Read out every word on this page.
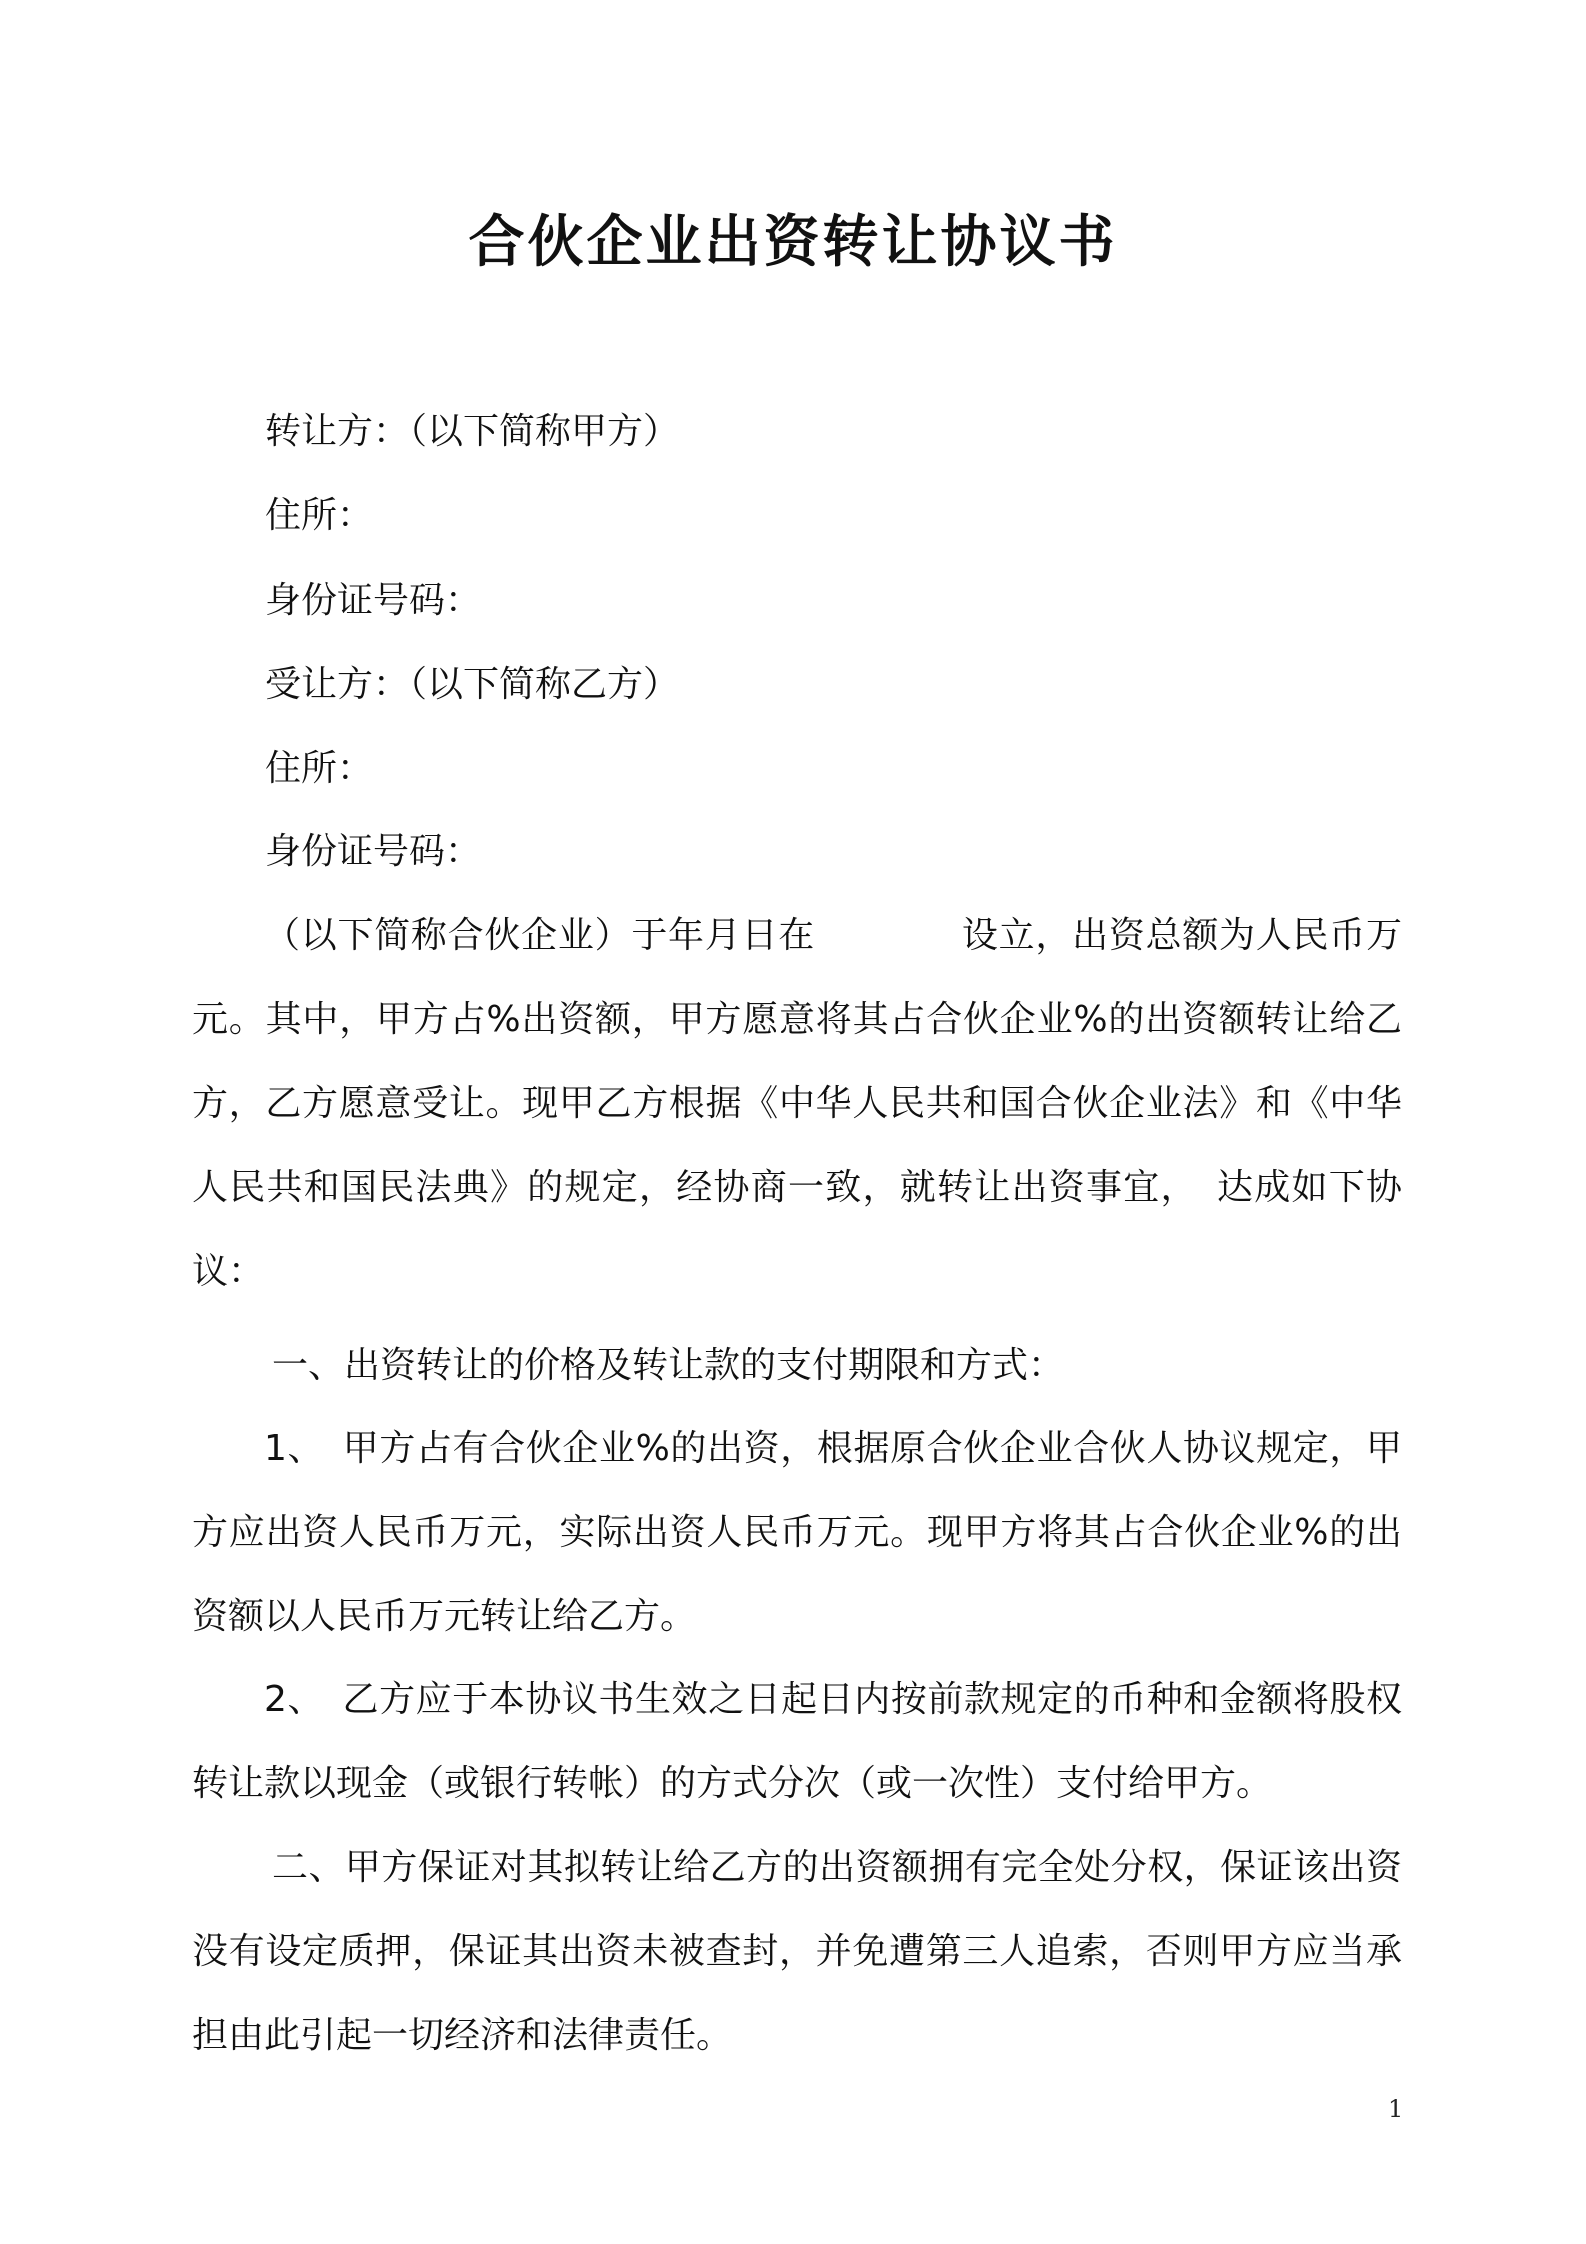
合伙企业出资转让协议书
转让方：（以下简称甲方）
住所：
身份证号码：
受让方：（以下简称乙方）
住所：
身份证号码：
（以下简称合伙企业）于年月日在　　　　设立，出资总额为人民币万元。其中，甲方占%出资额，甲方愿意将其占合伙企业%的出资额转让给乙方，乙方愿意受让。现甲乙方根据《中华人民共和国合伙企业法》和《中华人民共和国民法典》的规定，经协商一致，就转让出资事宜，　达成如下协议：
一、出资转让的价格及转让款的支付期限和方式：
1、　甲方占有合伙企业%的出资，根据原合伙企业合伙人协议规定，甲方应出资人民币万元，实际出资人民币万元。现甲方将其占合伙企业%的出资额以人民币万元转让给乙方。
2、　乙方应于本协议书生效之日起日内按前款规定的币种和金额将股权转让款以现金（或银行转帐）的方式分次（或一次性）支付给甲方。
二、甲方保证对其拟转让给乙方的出资额拥有完全处分权，保证该出资没有设定质押，保证其出资未被查封，并免遭第三人追索，否则甲方应当承担由此引起一切经济和法律责任。
1
